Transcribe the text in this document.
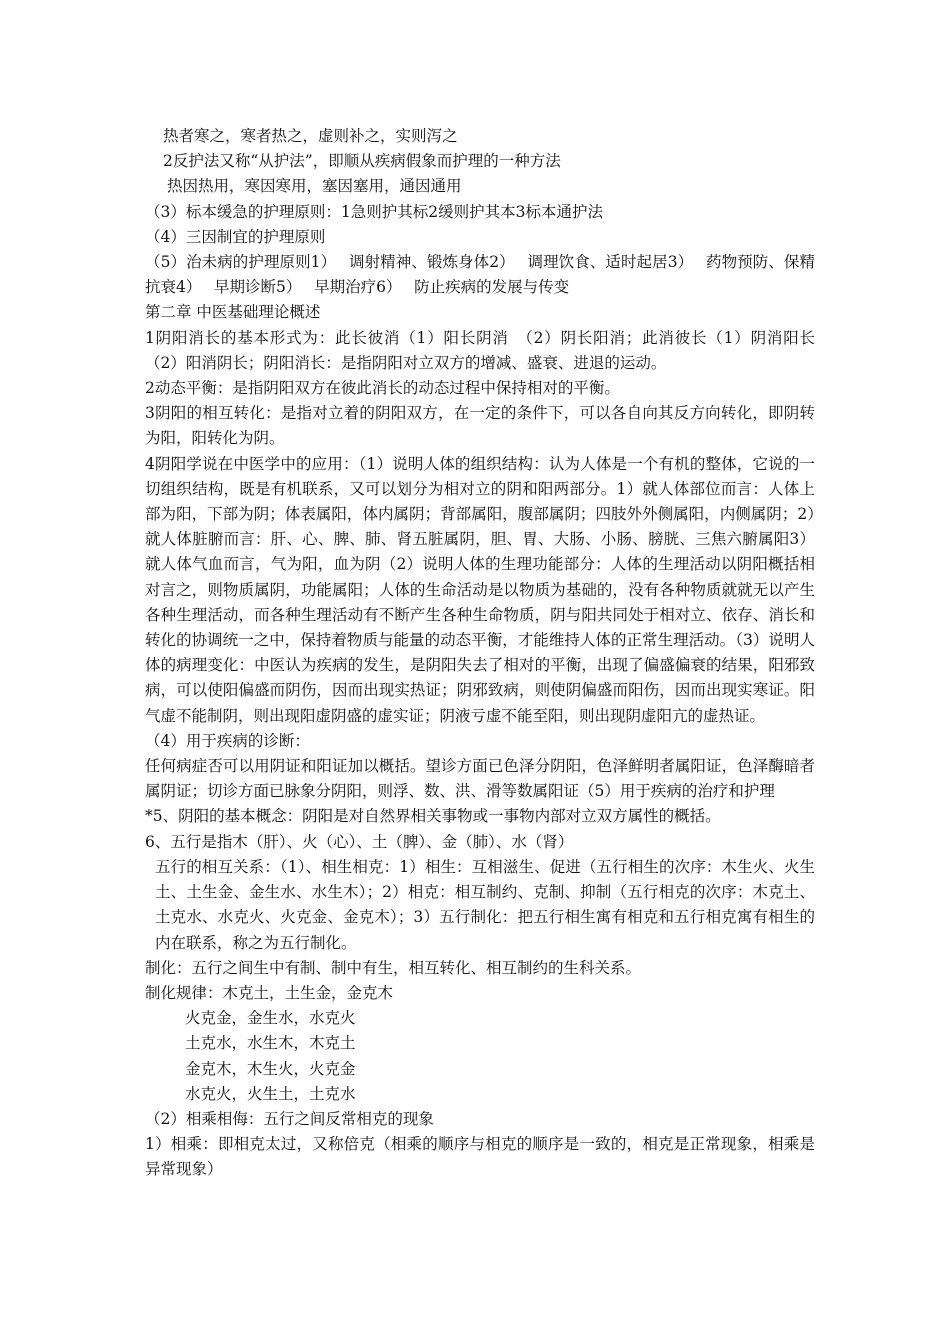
热者寒之，寒者热之，虚则补之，实则泻之
2反护法又称“从护法”，即顺从疾病假象而护理的一种方法
热因热用，寒因寒用，塞因塞用，通因通用
（3）标本缓急的护理原则：1急则护其标2缓则护其本3标本通护法
（4）三因制宜的护理原则
（5）治未病的护理原则1）　 调射精神、锻炼身体2）　 调理饮食、适时起居3）　 药物预防、保精抗衰4）　 早期诊断5）　 早期治疗6）　 防止疾病的发展与传变
第二章 中医基础理论概述
1阴阳消长的基本形式为：此长彼消（1）阳长阴消　（2）阴长阳消；此消彼长（1）阴消阳长　（2）阳消阴长；阴阳消长：是指阴阳对立双方的增减、盛衰、进退的运动。
2动态平衡：是指阴阳双方在彼此消长的动态过程中保持相对的平衡。
3阴阳的相互转化：是指对立着的阴阳双方，在一定的条件下，可以各自向其反方向转化，即阴转为阳，阳转化为阴。
4阴阳学说在中医学中的应用：（1）说明人体的组织结构：认为人体是一个有机的整体，它说的一切组织结构，既是有机联系，又可以划分为相对立的阴和阳两部分。1）就人体部位而言：人体上部为阳，下部为阴；体表属阳，体内属阴；背部属阳，腹部属阴；四肢外外侧属阳，内侧属阴；2）就人体脏腑而言：肝、心、脾、肺、肾五脏属阴，胆、胃、大肠、小肠、膀胱、三焦六腑属阳3）就人体气血而言，气为阳，血为阴（2）说明人体的生理功能部分：人体的生理活动以阴阳概括相对言之，则物质属阴，功能属阳；人体的生命活动是以物质为基础的，没有各种物质就就无以产生各种生理活动，而各种生理活动有不断产生各种生命物质，阴与阳共同处于相对立、依存、消长和转化的协调统一之中，保持着物质与能量的动态平衡，才能维持人体的正常生理活动。（3）说明人体的病理变化：中医认为疾病的发生，是阴阳失去了相对的平衡，出现了偏盛偏衰的结果，阳邪致病，可以使阳偏盛而阴伤，因而出现实热证；阴邪致病，则使阴偏盛而阳伤，因而出现实寒证。阳气虚不能制阴，则出现阳虚阴盛的虚实证；阴液亏虚不能至阳，则出现阴虚阳亢的虚热证。
（4）用于疾病的诊断：
任何病症否可以用阴证和阳证加以概括。望诊方面已色泽分阴阳，色泽鲜明者属阳证，色泽酶暗者属阴证；切诊方面已脉象分阴阳，则浮、数、洪、滑等数属阳证（5）用于疾病的治疗和护理
*5、阴阳的基本概念：阴阳是对自然界相关事物或一事物内部对立双方属性的概括。
6、五行是指木（肝）、火（心）、土（脾）、金（肺）、水（肾）
五行的相互关系：（1）、相生相克：1）相生：互相滋生、促进（五行相生的次序：木生火、火生土、土生金、金生水、水生木）；2）相克：相互制约、克制、抑制（五行相克的次序：木克土、土克水、水克火、火克金、金克木）；3）五行制化：把五行相生寓有相克和五行相克寓有相生的内在联系，称之为五行制化。
制化：五行之间生中有制、制中有生，相互转化、相互制约的生科关系。
制化规律：木克土，土生金，金克木
火克金，金生水，水克火
土克水，水生木，木克土
金克木，木生火，火克金
水克火，火生土，土克水
（2）相乘相侮：五行之间反常相克的现象
1）相乘：即相克太过，又称倍克（相乘的顺序与相克的顺序是一致的，相克是正常现象，相乘是异常现象）
